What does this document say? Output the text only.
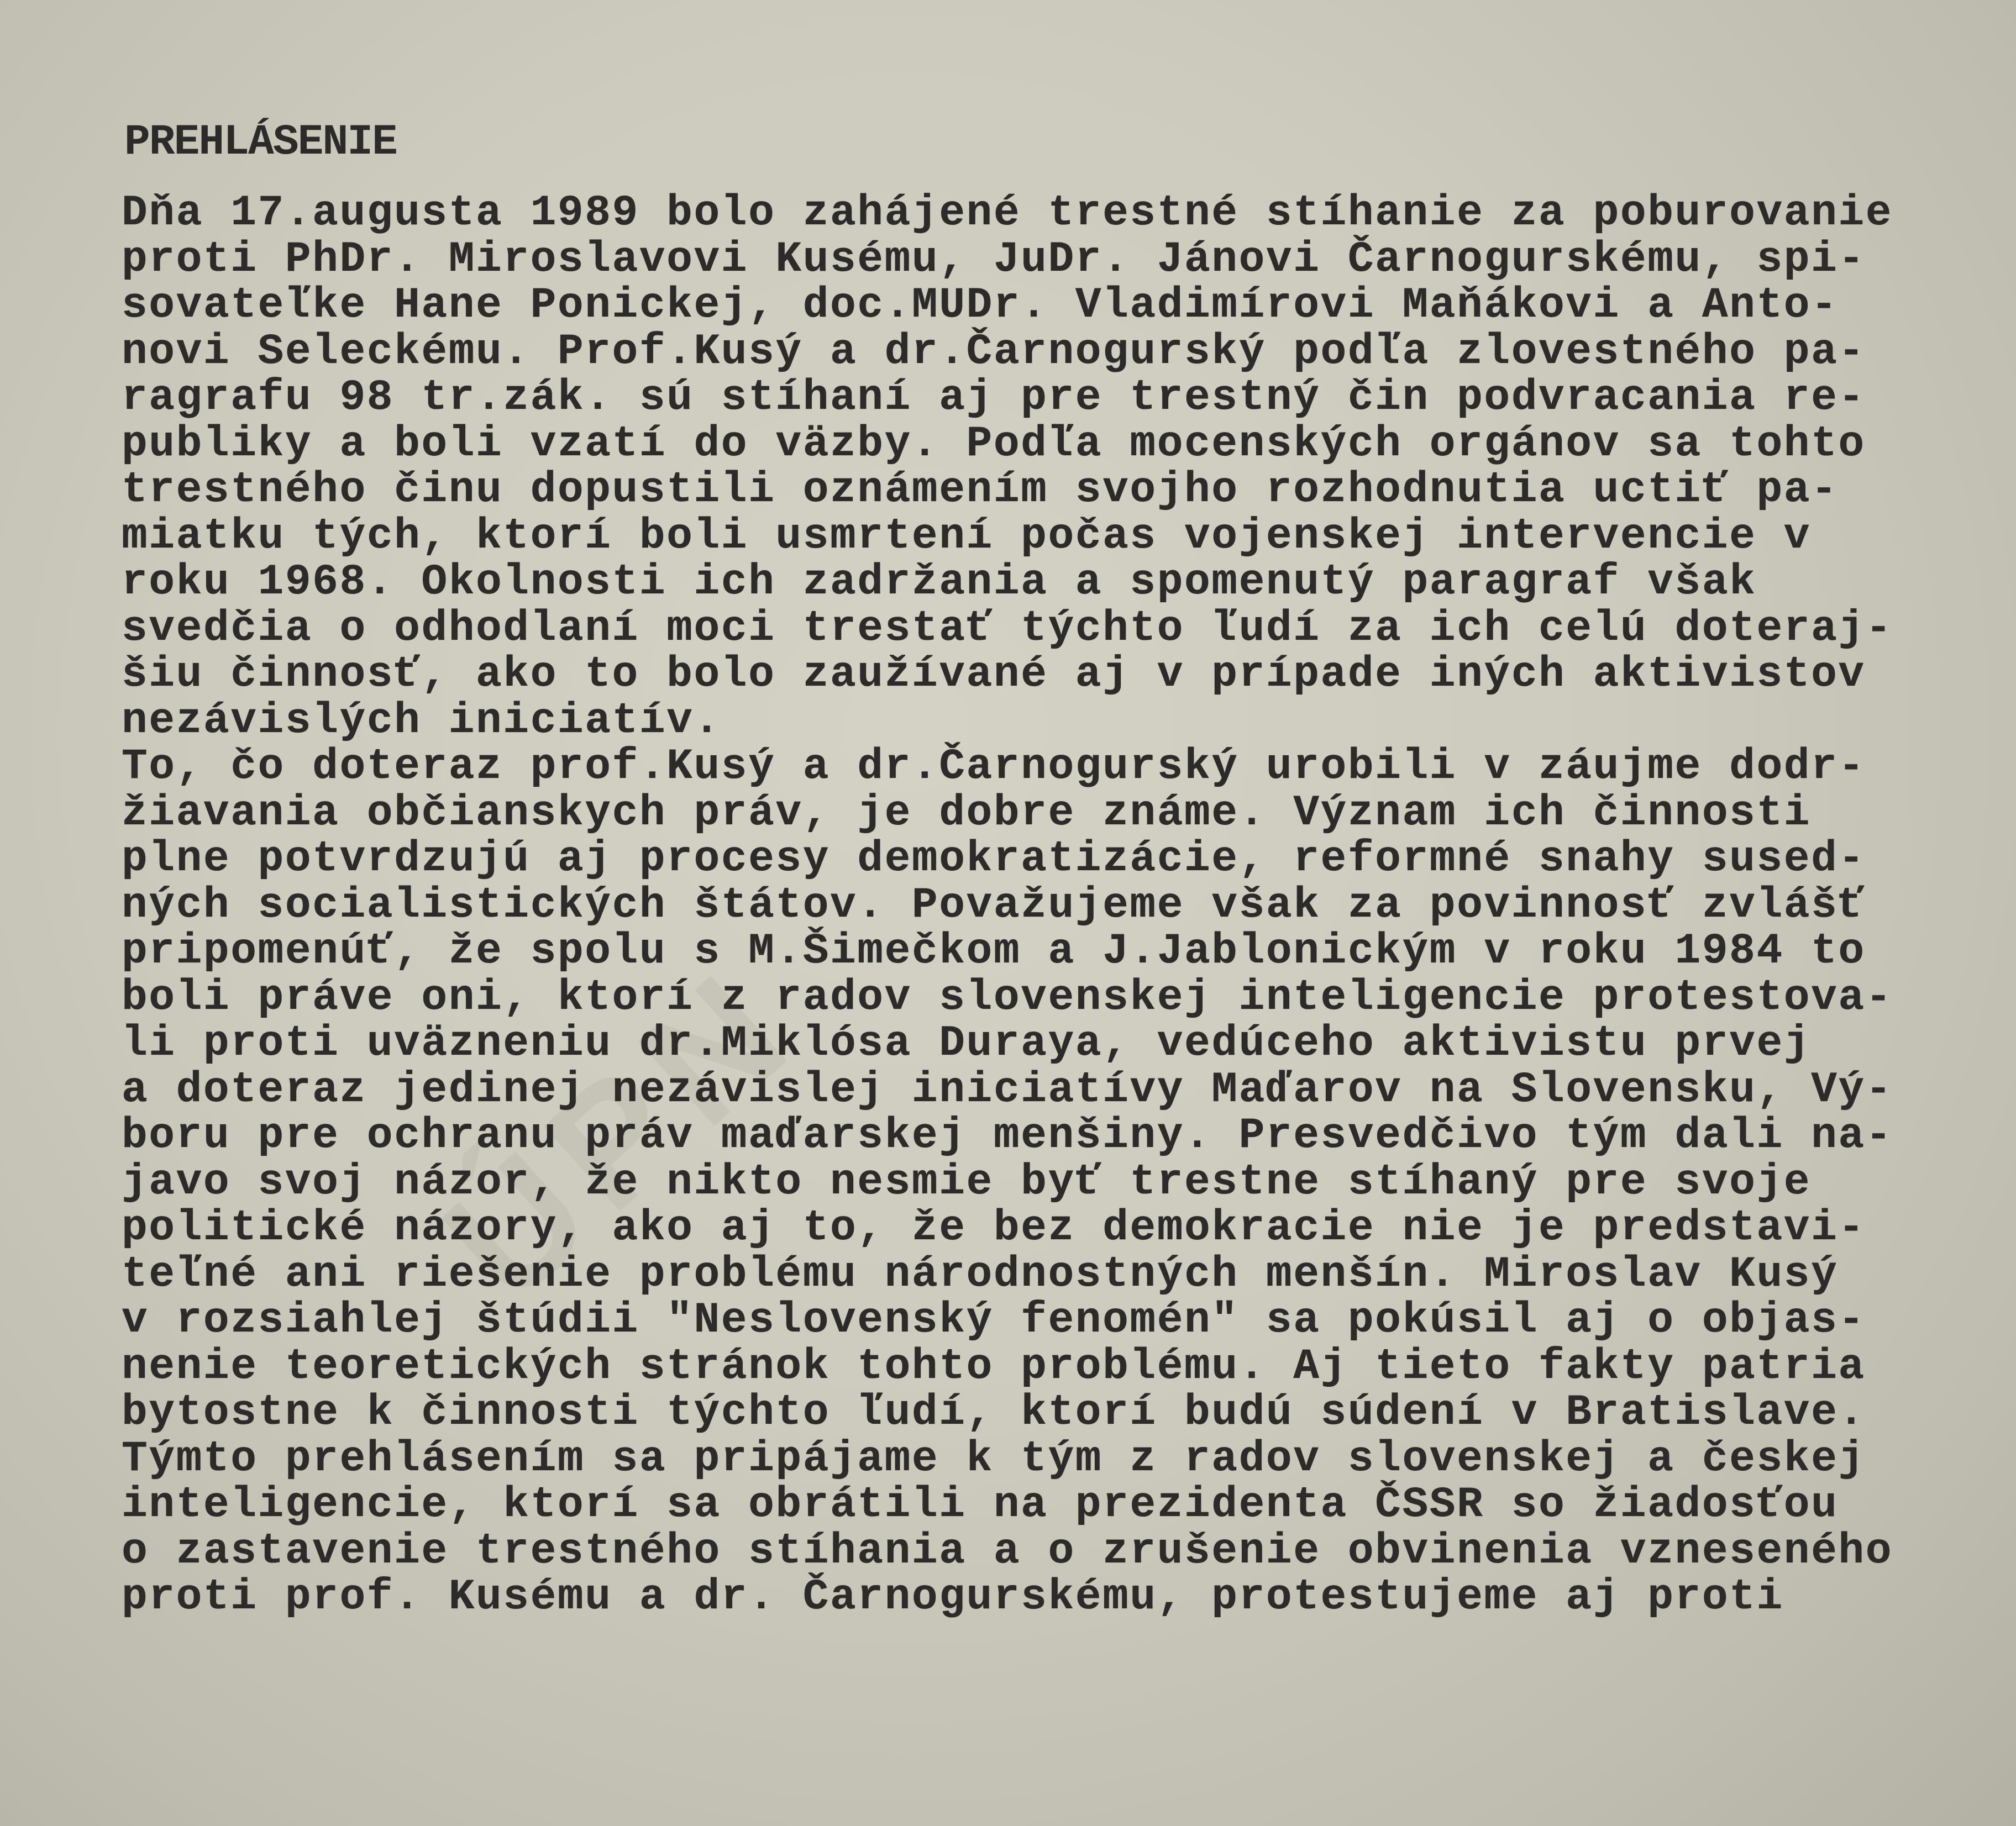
ÚPN
PREHLÁSENIE
Dňa 17.augusta 1989 bolo zahájené trestné stíhanie za poburovanie
proti PhDr. Miroslavovi Kusému, JuDr. Jánovi Čarnogurskému, spi-
sovateľke Hane Ponickej, doc.MUDr. Vladimírovi Maňákovi a Anto-
novi Seleckému. Prof.Kusý a dr.Čarnogurský podľa zlovestného pa-
ragrafu 98 tr.zák. sú stíhaní aj pre trestný čin podvracania re-
publiky a boli vzatí do väzby. Podľa mocenských orgánov sa tohto
trestného činu dopustili oznámením svojho rozhodnutia uctiť pa-
miatku tých, ktorí boli usmrtení počas vojenskej intervencie v
roku 1968. Okolnosti ich zadržania a spomenutý paragraf však
svedčia o odhodlaní moci trestať týchto ľudí za ich celú doteraj-
šiu činnosť, ako to bolo zaužívané aj v prípade iných aktivistov
nezávislých iniciatív.
To, čo doteraz prof.Kusý a dr.Čarnogurský urobili v záujme dodr-
žiavania občianskych práv, je dobre známe. Význam ich činnosti
plne potvrdzujú aj procesy demokratizácie, reformné snahy sused-
ných socialistických štátov. Považujeme však za povinnosť zvlášť
pripomenúť, že spolu s M.Šimečkom a J.Jablonickým v roku 1984 to
boli práve oni, ktorí z radov slovenskej inteligencie protestova-
li proti uväzneniu dr.Miklósa Duraya, vedúceho aktivistu prvej
a doteraz jedinej nezávislej iniciatívy Maďarov na Slovensku, Vý-
boru pre ochranu práv maďarskej menšiny. Presvedčivo tým dali na-
javo svoj názor, že nikto nesmie byť trestne stíhaný pre svoje
politické názory, ako aj to, že bez demokracie nie je predstavi-
teľné ani riešenie problému národnostných menšín. Miroslav Kusý
v rozsiahlej štúdii "Neslovenský fenomén" sa pokúsil aj o objas-
nenie teoretických stránok tohto problému. Aj tieto fakty patria
bytostne k činnosti týchto ľudí, ktorí budú súdení v Bratislave.
Týmto prehlásením sa pripájame k tým z radov slovenskej a českej
inteligencie, ktorí sa obrátili na prezidenta ČSSR so žiadosťou
o zastavenie trestného stíhania a o zrušenie obvinenia vzneseného
proti prof. Kusému a dr. Čarnogurskému, protestujeme aj proti
